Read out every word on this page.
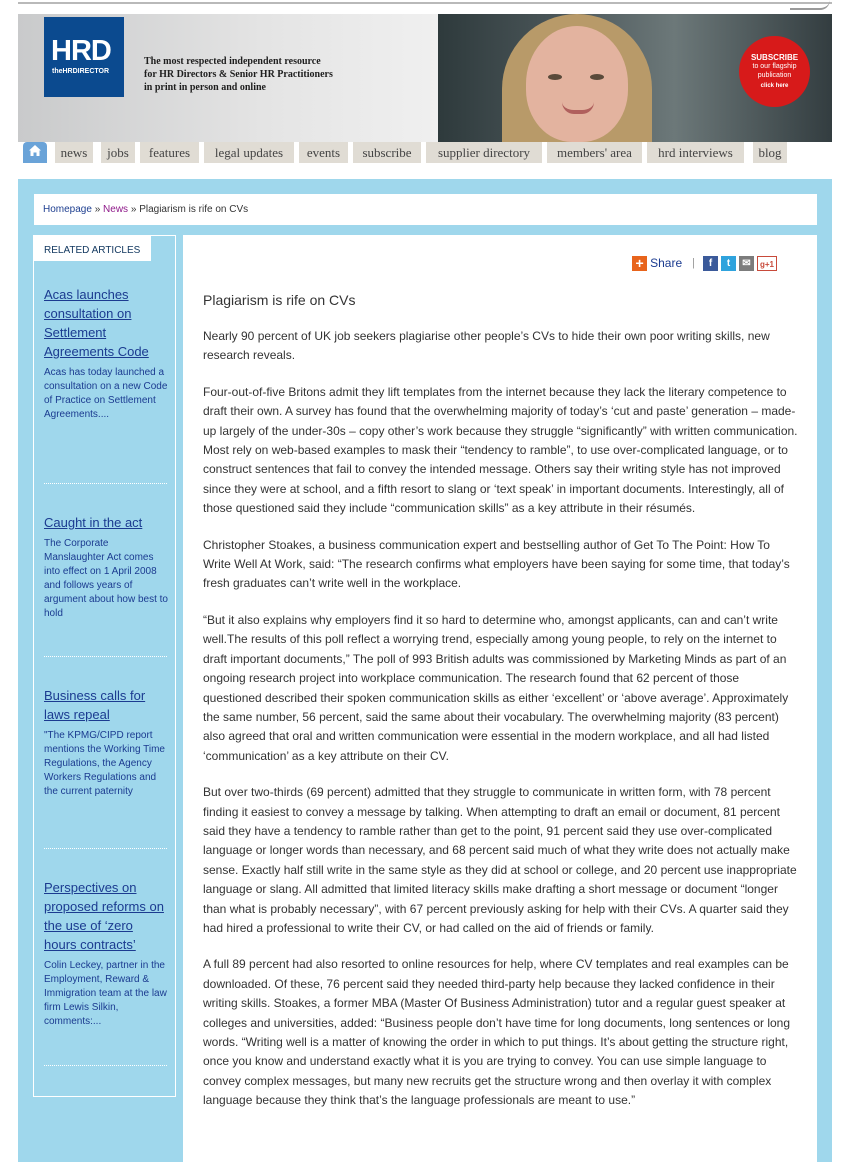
HRD
theHRDIRECTOR
The most respected independent resource
for HR Directors & Senior HR Practitioners
in print in person and online
SUBSCRIBE
to our flagship
publication
click here
news	jobs	features	legal updates	events	subscribe	supplier directory	members' area	hrd interviews	blog
Homepage » News » Plagiarism is rife on CVs
RELATED ARTICLES
Acas launches consultation on Settlement Agreements Code
Acas has today launched a consultation on a new Code of Practice on Settlement Agreements....
Caught in the act
The Corporate Manslaughter Act comes into effect on 1 April 2008 and follows years of argument about how best to hold
Business calls for laws repeal
"The KPMG/CIPD report mentions the Working Time Regulations, the Agency Workers Regulations and the current paternity
Perspectives on proposed reforms on the use of ‘zero hours contracts’
Colin Leckey, partner in the Employment, Reward & Immigration team at the law firm Lewis Silkin, comments:...
+ Share |	f	t	✉	g+1
Plagiarism is rife on CVs

Nearly 90 percent of UK job seekers plagiarise other people’s CVs to hide their own poor writing skills, new research reveals.

Four-out-of-five Britons admit they lift templates from the internet because they lack the literary competence to draft their own. A survey has found that the overwhelming majority of today’s ‘cut and paste’ generation – made-up largely of the under-30s – copy other’s work because they struggle “significantly” with written communication. Most rely on web-based examples to mask their “tendency to ramble”, to use over-complicated language, or to construct sentences that fail to convey the intended message. Others say their writing style has not improved since they were at school, and a fifth resort to slang or ‘text speak’ in important documents. Interestingly, all of those questioned said they include “communication skills” as a key attribute in their résumés.

Christopher Stoakes, a business communication expert and bestselling author of Get To The Point: How To Write Well At Work, said: “The research confirms what employers have been saying for some time, that today’s fresh graduates can’t write well in the workplace.

“But it also explains why employers find it so hard to determine who, amongst applicants, can and can’t write well.The results of this poll reflect a worrying trend, especially among young people, to rely on the internet to draft important documents,” The poll of 993 British adults was commissioned by Marketing Minds as part of an ongoing research project into workplace communication. The research found that 62 percent of those questioned described their spoken communication skills as either ‘excellent’ or ‘above average’. Approximately the same number, 56 percent, said the same about their vocabulary. The overwhelming majority (83 percent) also agreed that oral and written communication were essential in the modern workplace, and all had listed ‘communication’ as a key attribute on their CV.

But over two-thirds (69 percent) admitted that they struggle to communicate in written form, with 78 percent finding it easiest to convey a message by talking. When attempting to draft an email or document, 81 percent said they have a tendency to ramble rather than get to the point, 91 percent said they use over-complicated language or longer words than necessary, and 68 percent said much of what they write does not actually make sense. Exactly half still write in the same style as they did at school or college, and 20 percent use inappropriate language or slang. All admitted that limited literacy skills make drafting a short message or document “longer than what is probably necessary”, with 67 percent previously asking for help with their CVs. A quarter said they had hired a professional to write their CV, or had called on the aid of friends or family.

A full 89 percent had also resorted to online resources for help, where CV templates and real examples can be downloaded. Of these, 76 percent said they needed third-party help because they lacked confidence in their writing skills. Stoakes, a former MBA (Master Of Business Administration) tutor and a regular guest speaker at colleges and universities, added: “Business people don’t have time for long documents, long sentences or long words. “Writing well is a matter of knowing the order in which to put things. It’s about getting the structure right, once you know and understand exactly what it is you are trying to convey. You can use simple language to convey complex messages, but many new recruits get the structure wrong and then overlay it with complex language because they think that’s the language professionals are meant to use.”
